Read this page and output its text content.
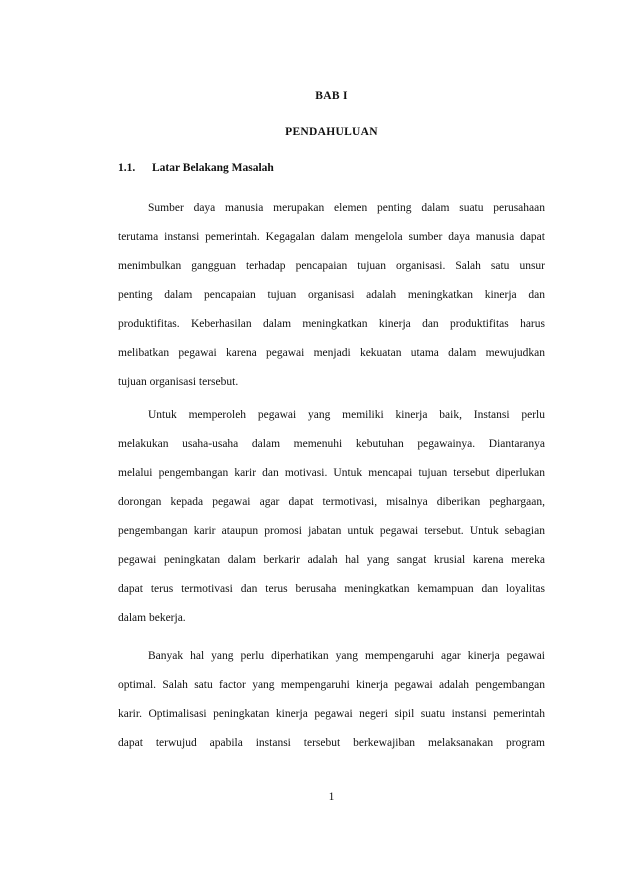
BAB I
PENDAHULUAN
1.1. Latar Belakang Masalah
Sumber daya manusia merupakan elemen penting dalam suatu perusahaan
terutama instansi pemerintah. Kegagalan dalam mengelola sumber daya manusia dapat
menimbulkan gangguan terhadap pencapaian tujuan organisasi. Salah satu unsur
penting dalam pencapaian tujuan organisasi adalah meningkatkan kinerja dan
produktifitas. Keberhasilan dalam meningkatkan kinerja dan produktifitas harus
melibatkan pegawai karena pegawai menjadi kekuatan utama dalam mewujudkan
tujuan organisasi tersebut.
Untuk memperoleh pegawai yang memiliki kinerja baik, Instansi perlu
melakukan usaha-usaha dalam memenuhi kebutuhan pegawainya. Diantaranya
melalui pengembangan karir dan motivasi. Untuk mencapai tujuan tersebut diperlukan
dorongan kepada pegawai agar dapat termotivasi, misalnya diberikan peghargaan,
pengembangan karir ataupun promosi jabatan untuk pegawai tersebut. Untuk sebagian
pegawai peningkatan dalam berkarir adalah hal yang sangat krusial karena mereka
dapat terus termotivasi dan terus berusaha meningkatkan kemampuan dan loyalitas
dalam bekerja.
Banyak hal yang perlu diperhatikan yang mempengaruhi agar kinerja pegawai
optimal. Salah satu factor yang mempengaruhi kinerja pegawai adalah pengembangan
karir. Optimalisasi peningkatan kinerja pegawai negeri sipil suatu instansi pemerintah
dapat terwujud apabila instansi tersebut berkewajiban melaksanakan program
1
